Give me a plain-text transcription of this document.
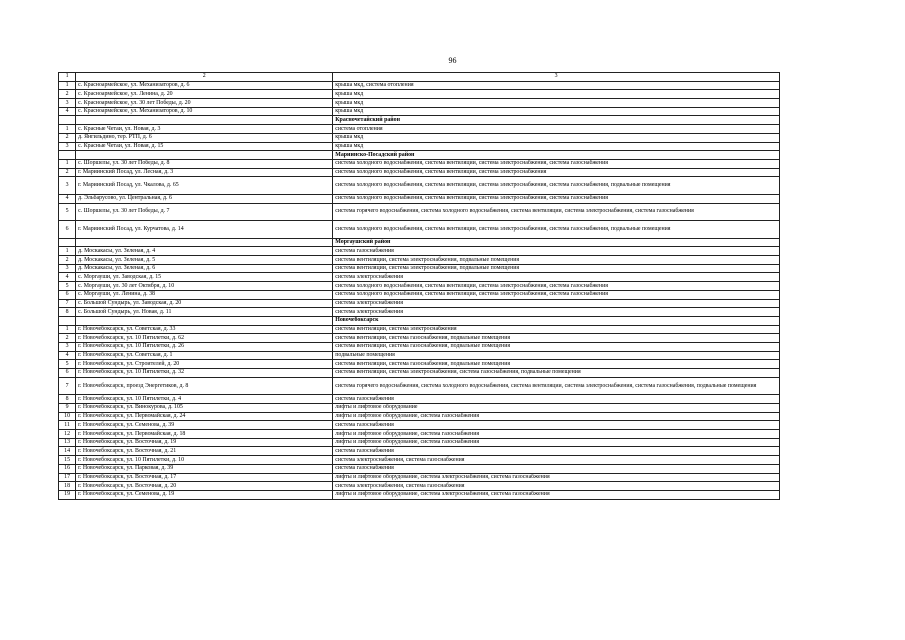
96
1	2	3
1	с. Красноармейское, ул. Механизаторов, д. 6	крыша мкд, система отопления
2	с. Красноармейское, ул. Ленина, д. 20	крыша мкд
3	с. Красноармейское, ул. 30 лет Победы, д. 20	крыша мкд
4	с. Красноармейское, ул. Механизаторов, д. 10	крыша мкд
		Красночетайский район
1	с. Красные Четаи, ул. Новая, д. 3	система отопления
2	д. Янгильдино, тер. РТП, д. 6	крыша мкд
3	с. Красные Четаи, ул. Новая, д. 15	крыша мкд
		Мариинско-Посадский район
1	с. Шоршелы, ул. 30 лет Победы, д. 8	система холодного водоснабжения, система вентиляции, система электроснабжения, система газоснабжения
2	г. Мариинский Посад, ул. Лесная, д. 3	система холодного водоснабжения, система вентиляции, система электроснабжения
3	г. Мариинский Посад, ул. Чкалова, д. 65	система холодного водоснабжения, система вентиляции, система электроснабжения, система газоснабжения, подвальные помещения

4	д. Эльбарусово, ул. Центральная, д. 6	система холодного водоснабжения, система вентиляции, система электроснабжения, система газоснабжения
5	с. Шоршелы, ул. 30 лет Победы, д. 7	система горячего водоснабжения, система холодного водоснабжения, система вентиляции, система электроснабжения, система газоснабжения

6	г. Мариинский Посад, ул. Курчатова, д. 14	система холодного водоснабжения, система вентиляции, система электроснабжения, система газоснабжения, подвальные помещения

		Моргаушский район
1	д. Москакасы, ул. Зеленая, д. 4	система газоснабжения
2	д. Москакасы, ул. Зеленая, д. 5	система вентиляции, система электроснабжения, подвальные помещения
3	д. Москакасы, ул. Зеленая, д. 6	система вентиляции, система электроснабжения, подвальные помещения
4	с. Моргауши, ул. Заводская, д. 15	система электроснабжения
5	с. Моргауши, ул. 30 лет Октября, д. 10	система холодного водоснабжения, система вентиляции, система электроснабжения, система газоснабжения
6	с. Моргауши, ул. Ленина, д. 38	система холодного водоснабжения, система вентиляции, система электроснабжения, система газоснабжения
7	с. Большой Сундырь, ул. Заводская, д. 20	система электроснабжения
8	с. Большой Сундырь, ул. Новая, д. 11	система электроснабжения
		Новочебоксарск
1	г. Новочебоксарск, ул. Советская, д. 33	система вентиляции, система электроснабжения
2	г. Новочебоксарск, ул. 10 Пятилетки, д. 62	система вентиляции, система газоснабжения, подвальные помещения
3	г. Новочебоксарск, ул. 10 Пятилетки, д. 26	система вентиляции, система газоснабжения, подвальные помещения
4	г. Новочебоксарск, ул. Советская, д. 1	подвальные помещения
5	г. Новочебоксарск, ул. Строителей, д. 20	система вентиляции, система газоснабжения, подвальные помещения
6	г. Новочебоксарск, ул. 10 Пятилетки, д. 32	система вентиляции, система электроснабжения, система газоснабжения, подвальные помещения
7	г. Новочебоксарск, проезд Энергетиков, д. 8	система горячего водоснабжения, система холодного водоснабжения, система вентиляции, система электроснабжения, система газоснабжения, подвальные помещения

8	г. Новочебоксарск, ул. 10 Пятилетки, д. 4	система газоснабжения
9	г. Новочебоксарск, ул. Винокурова, д. 105	лифты и лифтовое оборудование
10	г. Новочебоксарск, ул. Первомайская, д. 24	лифты и лифтовое оборудование, система газоснабжения
11	г. Новочебоксарск, ул. Семенова, д. 39	система газоснабжения
12	г. Новочебоксарск, ул. Первомайская, д. 18	лифты и лифтовое оборудование, система газоснабжения
13	г. Новочебоксарск, ул. Восточная, д. 19	лифты и лифтовое оборудование, система газоснабжения
14	г. Новочебоксарск, ул. Восточная, д. 21	система газоснабжения
15	г. Новочебоксарск, ул. 10 Пятилетки, д. 10	система электроснабжения, система газоснабжения
16	г. Новочебоксарск, ул. Парковая, д. 39	система газоснабжения
17	г. Новочебоксарск, ул. Восточная, д. 17	лифты и лифтовое оборудование, система электроснабжения, система газоснабжения
18	г. Новочебоксарск, ул. Восточная, д. 20	система электроснабжения, система газоснабжения
19	г. Новочебоксарск, ул. Семенова, д. 19	лифты и лифтовое оборудование, система электроснабжения, система газоснабжения
